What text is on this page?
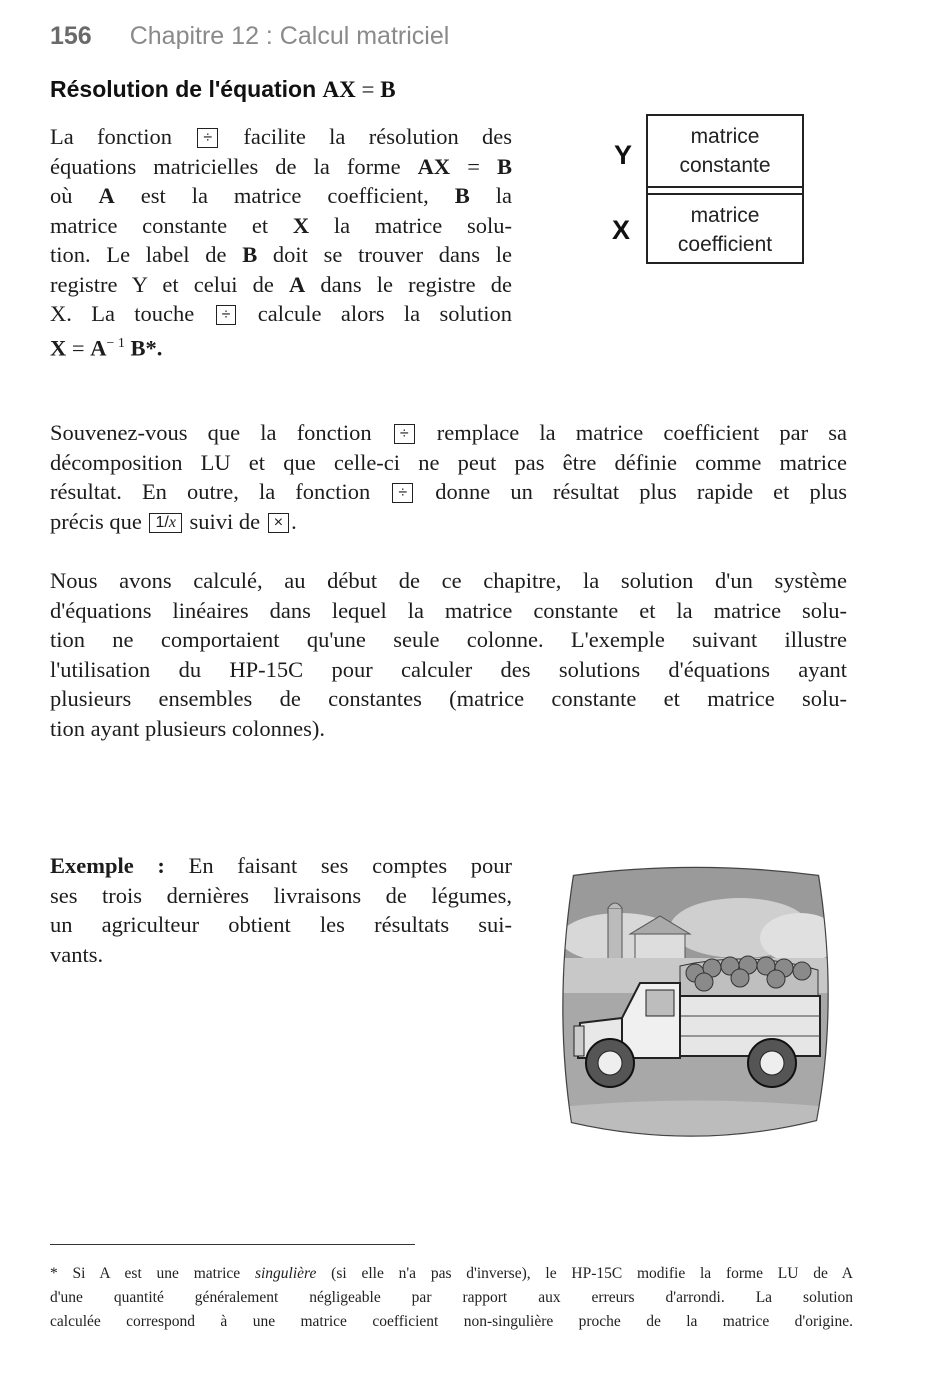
156 Chapitre 12 : Calcul matriciel
Résolution de l'équation AX = B
La fonction ÷ facilite la résolution des
équations matricielles de la forme AX = B
où A est la matrice coefficient, B la
matrice constante et X la matrice solu-
tion. Le label de B doit se trouver dans le
registre Y et celui de A dans le registre de
X. La touche ÷ calcule alors la solution
$X = A^{- 1}$ B*.
Y
X
matrice
constante
matrice
coefficient
Souvenez-vous que la fonction ÷ remplace la matrice coefficient par sa
décomposition LU et que celle-ci ne peut pas être définie comme matrice
résultat. En outre, la fonction ÷ donne un résultat plus rapide et plus
précis que 1/x suivi de × .
Nous avons calculé, au début de ce chapitre, la solution d'un système
d'équations linéaires dans lequel la matrice constante et la matrice solu-
tion ne comportaient qu'une seule colonne. L'exemple suivant illustre
l'utilisation du HP-15C pour calculer des solutions d'équations ayant
plusieurs ensembles de constantes (matrice constante et matrice solu-
tion ayant plusieurs colonnes).
Exemple : En faisant ses comptes pour
ses trois dernières livraisons de légumes,
un agriculteur obtient les résultats sui-
vants.
* Si A est une matrice singulière (si elle n'a pas d'inverse), le HP-15C modifie la forme LU de A
d'une quantité généralement négligeable par rapport aux erreurs d'arrondi. La solution
calculée correspond à une matrice coefficient non-singulière proche de la matrice d'origine.
